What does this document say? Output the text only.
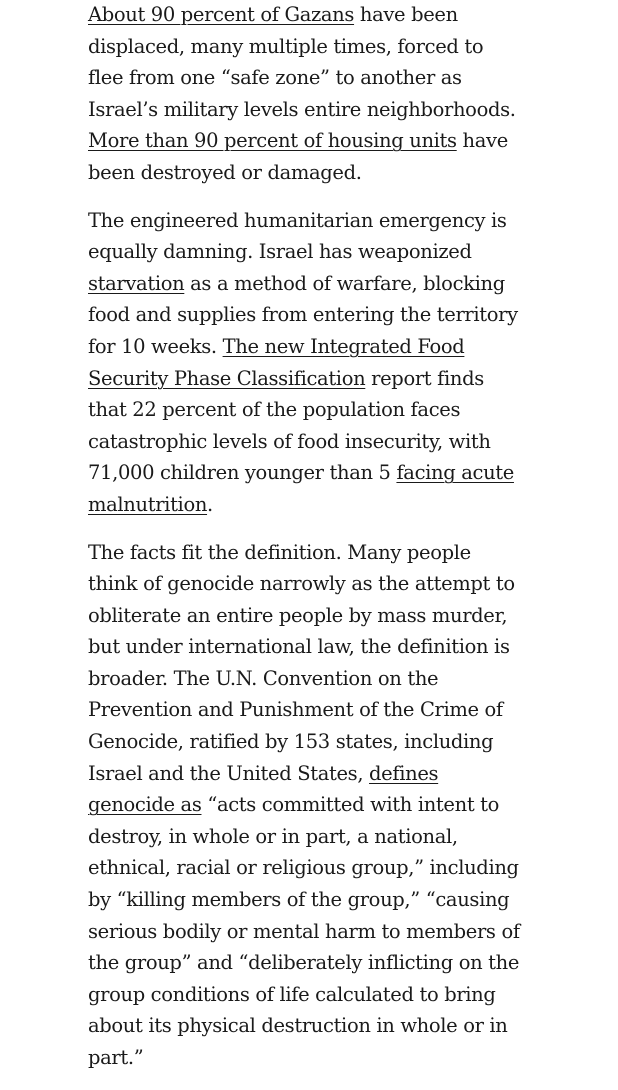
About 90 percent of Gazans have been displaced, many multiple times, forced to flee from one “safe zone” to another as Israel’s military levels entire neighborhoods. More than 90 percent of housing units have been destroyed or damaged.

The engineered humanitarian emergency is equally damning. Israel has weaponized starvation as a method of warfare, blocking food and supplies from entering the territory for 10 weeks. The new Integrated Food Security Phase Classification report finds that 22 percent of the population faces catastrophic levels of food insecurity, with 71,000 children younger than 5 facing acute malnutrition.

The facts fit the definition. Many people think of genocide narrowly as the attempt to obliterate an entire people by mass murder, but under international law, the definition is broader. The U.N. Convention on the Prevention and Punishment of the Crime of Genocide, ratified by 153 states, including Israel and the United States, defines genocide as “acts committed with intent to destroy, in whole or in part, a national, ethnical, racial or religious group,” including by “killing members of the group,” “causing serious bodily or mental harm to members of the group” and “deliberately inflicting on the group conditions of life calculated to bring about its physical destruction in whole or in part.”
